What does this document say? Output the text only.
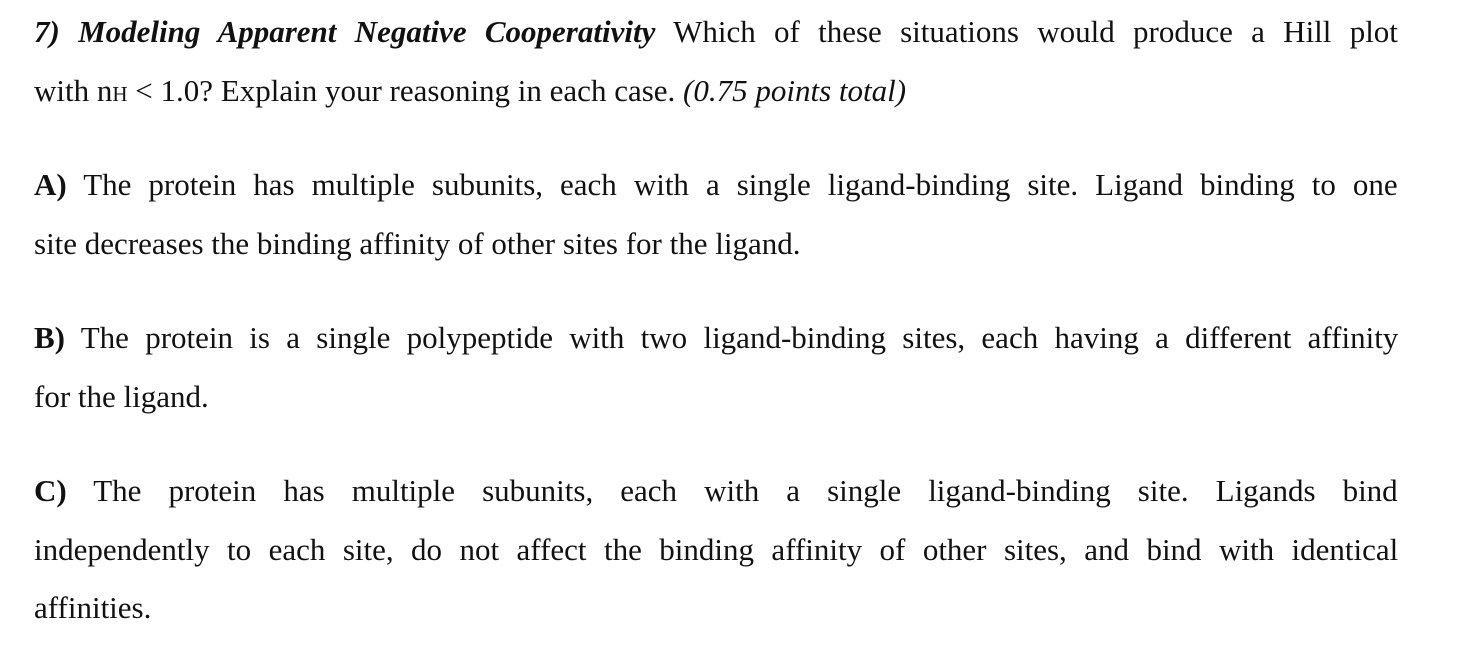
7) Modeling Apparent Negative Cooperativity Which of these situations would produce a Hill plot
with nH < 1.0? Explain your reasoning in each case. (0.75 points total)
A) The protein has multiple subunits, each with a single ligand-binding site. Ligand binding to one
site decreases the binding affinity of other sites for the ligand.
B) The protein is a single polypeptide with two ligand-binding sites, each having a different affinity
for the ligand.
C) The protein has multiple subunits, each with a single ligand-binding site. Ligands bind
independently to each site, do not affect the binding affinity of other sites, and bind with identical
affinities.
